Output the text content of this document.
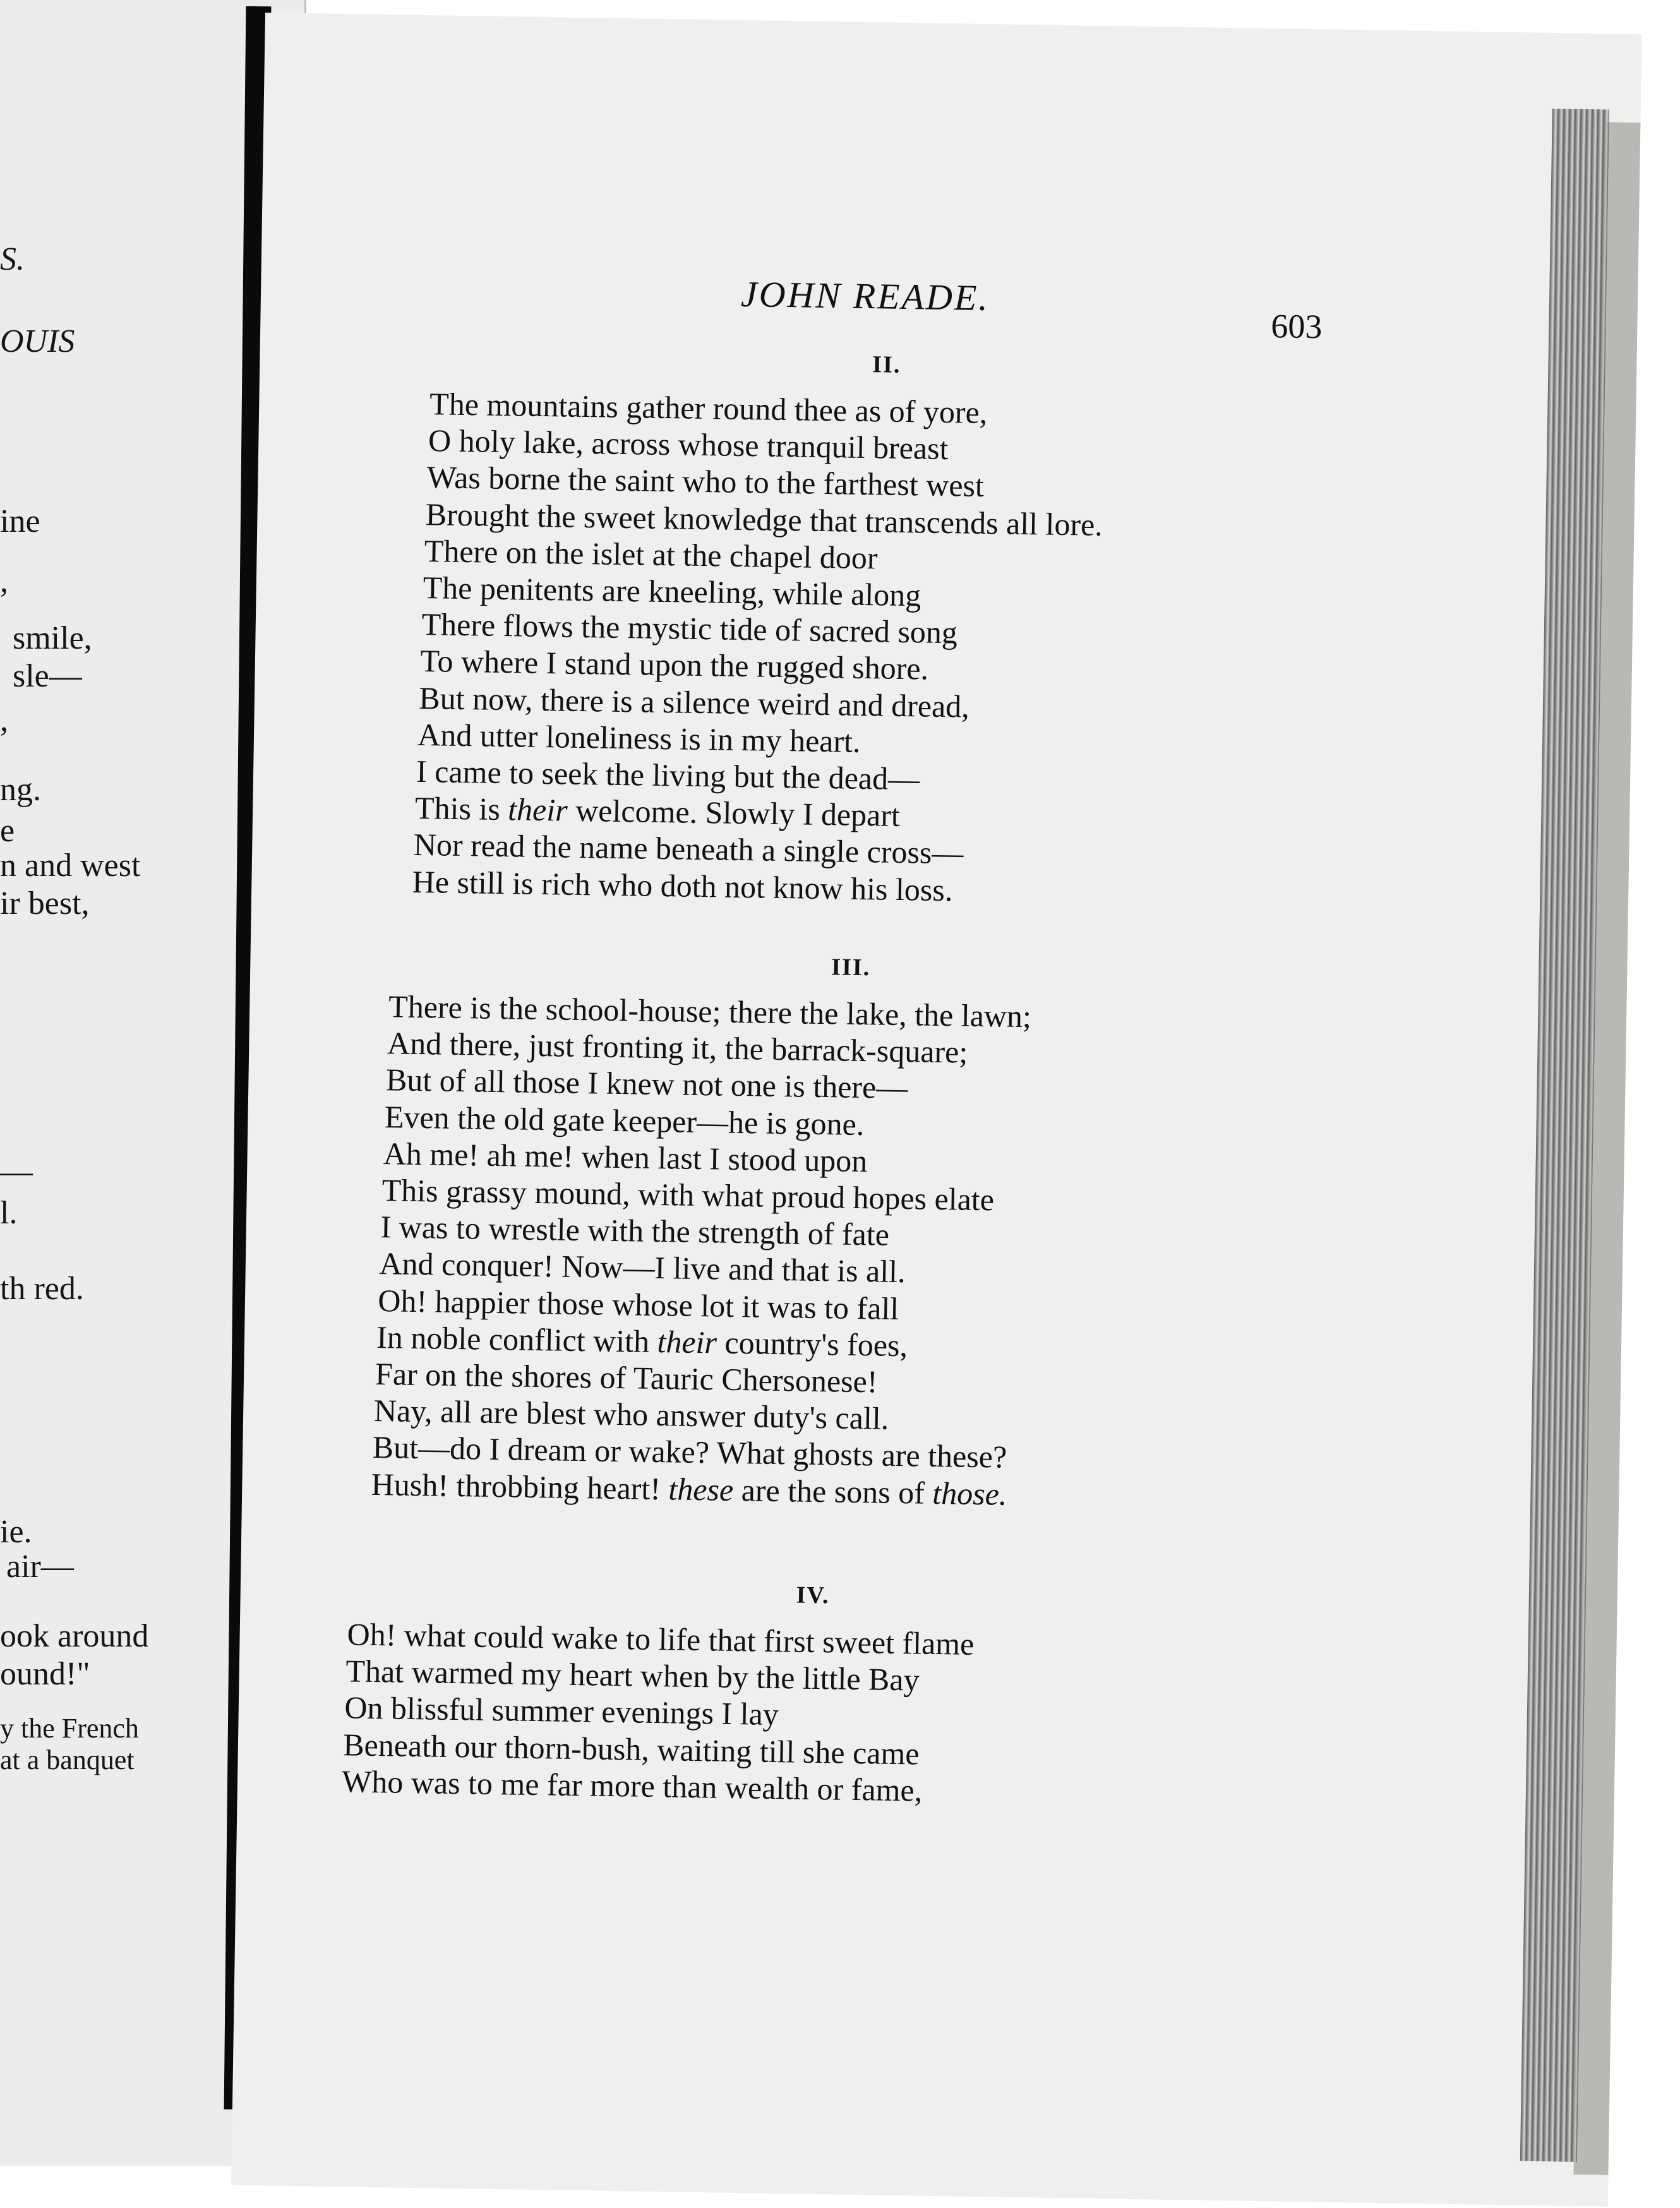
S.
OUIS
ine
,
smile,
sle—
,
ng.
e
n and west
ir best,
—
l.
th red.
ie.
air—
ook around
ound!"
y the French
at a banquet
JOHN READE.
603
II.
The mountains gather round thee as of yore,
O holy lake, across whose tranquil breast
Was borne the saint who to the farthest west
Brought the sweet knowledge that transcends all lore.
There on the islet at the chapel door
The penitents are kneeling, while along
There flows the mystic tide of sacred song
To where I stand upon the rugged shore.
But now, there is a silence weird and dread,
And utter loneliness is in my heart.
I came to seek the living but the dead—
This is their welcome. Slowly I depart
Nor read the name beneath a single cross—
He still is rich who doth not know his loss.
III.
There is the school-house; there the lake, the lawn;
And there, just fronting it, the barrack-square;
But of all those I knew not one is there—
Even the old gate keeper—he is gone.
Ah me! ah me! when last I stood upon
This grassy mound, with what proud hopes elate
I was to wrestle with the strength of fate
And conquer! Now—I live and that is all.
Oh! happier those whose lot it was to fall
In noble conflict with their country's foes,
Far on the shores of Tauric Chersonese!
Nay, all are blest who answer duty's call.
But—do I dream or wake? What ghosts are these?
Hush! throbbing heart! these are the sons of those.
IV.
Oh! what could wake to life that first sweet flame
That warmed my heart when by the little Bay
On blissful summer evenings I lay
Beneath our thorn-bush, waiting till she came
Who was to me far more than wealth or fame,
